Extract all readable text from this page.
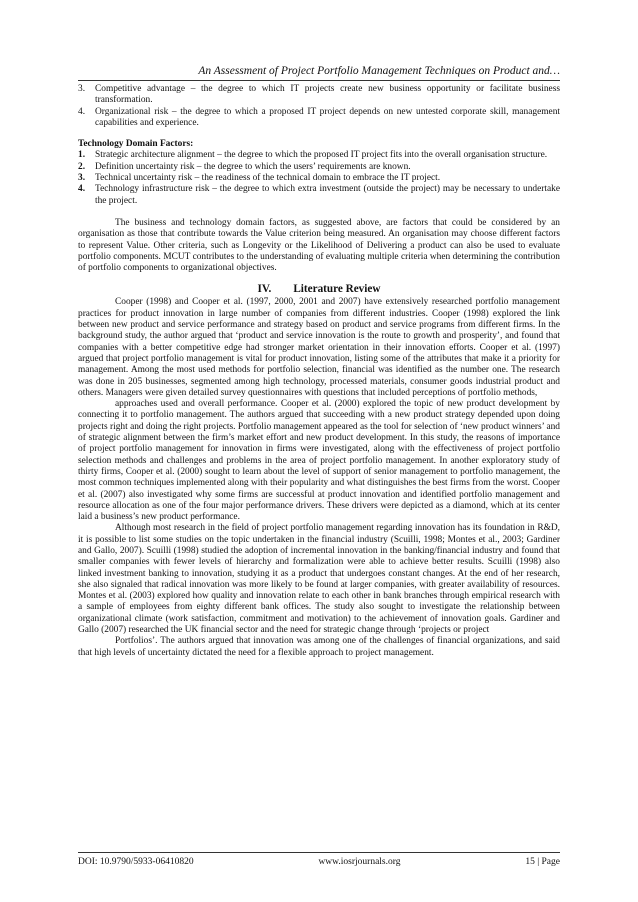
An Assessment of Project Portfolio Management Techniques on Product and…
3.	Competitive advantage – the degree to which IT projects create new business opportunity or facilitate business transformation.
4.	Organizational risk – the degree to which a proposed IT project depends on new untested corporate skill, management capabilities and experience.
Technology Domain Factors:
1.	Strategic architecture alignment – the degree to which the proposed IT project fits into the overall organisation structure.
2.	Definition uncertainty risk – the degree to which the users’ requirements are known.
3.	Technical uncertainty risk – the readiness of the technical domain to embrace the IT project.
4.	Technology infrastructure risk – the degree to which extra investment (outside the project) may be necessary to undertake the project.

The business and technology domain factors, as suggested above, are factors that could be considered by an organisation as those that contribute towards the Value criterion being measured. An organisation may choose different factors to represent Value. Other criteria, such as Longevity or the Likelihood of Delivering a product can also be used to evaluate portfolio components. MCUT contributes to the understanding of evaluating multiple criteria when determining the contribution of portfolio components to organizational objectives.

IV. Literature Review

Cooper (1998) and Cooper et al. (1997, 2000, 2001 and 2007) have extensively researched portfolio management practices for product innovation in large number of companies from different industries. Cooper (1998) explored the link between new product and service performance and strategy based on product and service programs from different firms. In the background study, the author argued that ‘product and service innovation is the route to growth and prosperity’, and found that companies with a better competitive edge had stronger market orientation in their innovation efforts. Cooper et al. (1997) argued that project portfolio management is vital for product innovation, listing some of the attributes that make it a priority for management. Among the most used methods for portfolio selection, financial was identified as the number one. The research was done in 205 businesses, segmented among high technology, processed materials, consumer goods industrial product and others. Managers were given detailed survey questionnaires with questions that included perceptions of portfolio methods,

approaches used and overall performance. Cooper et al. (2000) explored the topic of new product development by connecting it to portfolio management. The authors argued that succeeding with a new product strategy depended upon doing projects right and doing the right projects. Portfolio management appeared as the tool for selection of ‘new product winners’ and of strategic alignment between the firm’s market effort and new product development. In this study, the reasons of importance of project portfolio management for innovation in firms were investigated, along with the effectiveness of project portfolio selection methods and challenges and problems in the area of project portfolio management. In another exploratory study of thirty firms, Cooper et al. (2000) sought to learn about the level of support of senior management to portfolio management, the most common techniques implemented along with their popularity and what distinguishes the best firms from the worst. Cooper et al. (2007) also investigated why some firms are successful at product innovation and identified portfolio management and resource allocation as one of the four major performance drivers. These drivers were depicted as a diamond, which at its center laid a business’s new product performance.

Although most research in the field of project portfolio management regarding innovation has its foundation in R&D, it is possible to list some studies on the topic undertaken in the financial industry (Scuilli, 1998; Montes et al., 2003; Gardiner and Gallo, 2007). Scuilli (1998) studied the adoption of incremental innovation in the banking/financial industry and found that smaller companies with fewer levels of hierarchy and formalization were able to achieve better results. Scuilli (1998) also linked investment banking to innovation, studying it as a product that undergoes constant changes. At the end of her research, she also signaled that radical innovation was more likely to be found at larger companies, with greater availability of resources. Montes et al. (2003) explored how quality and innovation relate to each other in bank branches through empirical research with a sample of employees from eighty different bank offices. The study also sought to investigate the relationship between organizational climate (work satisfaction, commitment and motivation) to the achievement of innovation goals. Gardiner and Gallo (2007) researched the UK financial sector and the need for strategic change through ‘projects or project

Portfolios’. The authors argued that innovation was among one of the challenges of financial organizations, and said that high levels of uncertainty dictated the need for a flexible approach to project management.

DOI: 10.9790/5933-06410820	www.iosrjournals.org	15 | Page
